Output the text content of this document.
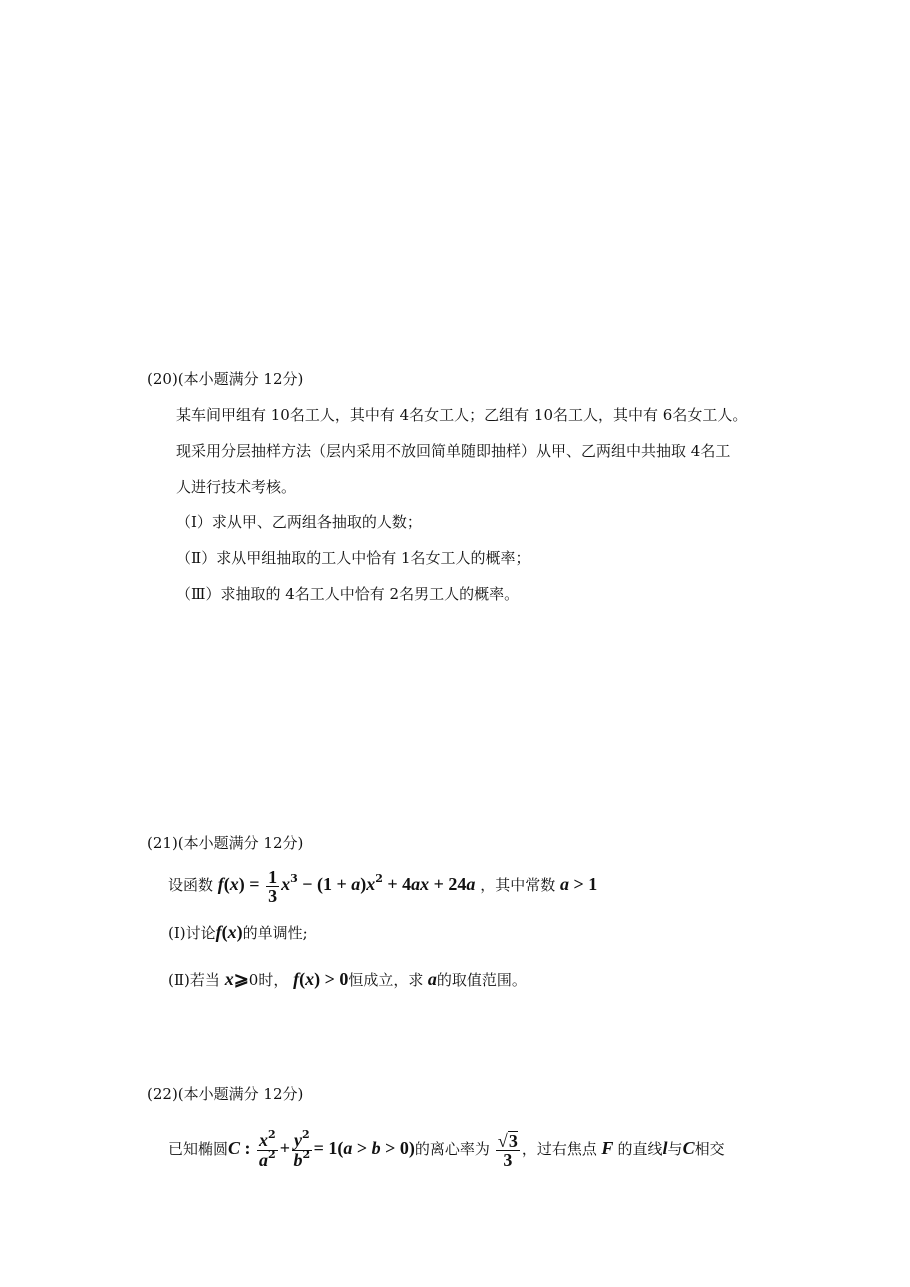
(20)(本小题满分 12分)
某车间甲组有 10名工人，其中有 4名女工人；乙组有 10名工人，其中有 6名女工人。
现采用分层抽样方法（层内采用不放回简单随即抽样）从甲、乙两组中共抽取 4名工
人进行技术考核。
（Ⅰ）求从甲、乙两组各抽取的人数；
（Ⅱ）求从甲组抽取的工人中恰有 1名女工人的概率；
（Ⅲ）求抽取的 4名工人中恰有 2名男工人的概率。
(21)(本小题满分 12分)
设函数 $f(x) = \frac{1}{3} x^3 - (1 + a)x^2 + 4ax + 24a$ ，其中常数 a > 1
(Ⅰ)讨论f(x)的单调性;
(Ⅱ)若当 x⩾0时， f(x) > 0恒成立，求 a的取值范围。
(22)(本小题满分 12分)
已知椭圆C : $\frac{x^2}{a^2} + \frac{y^2}{b^2} = 1(a > b > 0)$的离心率为 $\frac{√3}{3}$ ，过右焦点 F 的直线l与C相交
